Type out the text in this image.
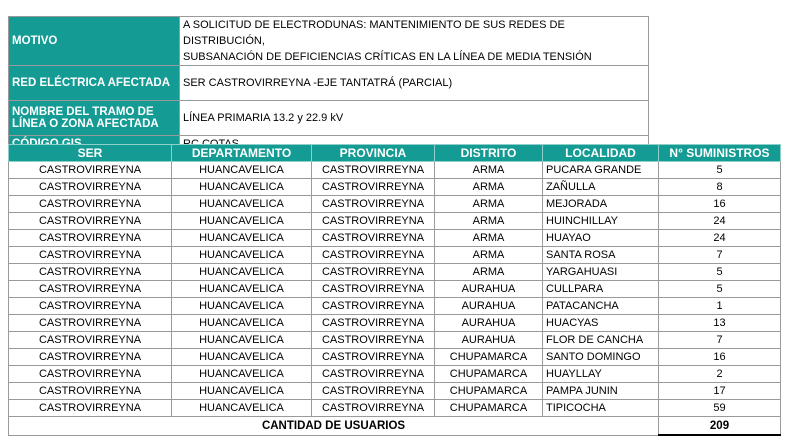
MOTIVO	A SOLICITUD DE ELECTRODUNAS: MANTENIMIENTO DE SUS REDES DE DISTRIBUCIÓN,
SUBSANACIÓN DE DEFICIENCIAS CRÍTICAS EN LA LÍNEA DE MEDIA TENSIÓN

RED ELÉCTRICA AFECTADA	SER CASTROVIRREYNA -EJE TANTATRÁ (PARCIAL)

NOMBRE DEL TRAMO DE
LÍNEA O ZONA AFECTADA	LÍNEA PRIMARIA 13.2 y 22.9 kV

SER	DEPARTAMENTO	PROVINCIA	DISTRITO	LOCALIDAD	N° SUMINISTROS
CASTROVIRREYNA	HUANCAVELICA	CASTROVIRREYNA	ARMA	PUCARA GRANDE	5
CASTROVIRREYNA	HUANCAVELICA	CASTROVIRREYNA	ARMA	ZAÑULLA	8
CASTROVIRREYNA	HUANCAVELICA	CASTROVIRREYNA	ARMA	MEJORADA	16
CASTROVIRREYNA	HUANCAVELICA	CASTROVIRREYNA	ARMA	HUINCHILLAY	24
CASTROVIRREYNA	HUANCAVELICA	CASTROVIRREYNA	ARMA	HUAYAO	24
CASTROVIRREYNA	HUANCAVELICA	CASTROVIRREYNA	ARMA	SANTA ROSA	7
CASTROVIRREYNA	HUANCAVELICA	CASTROVIRREYNA	ARMA	YARGAHUASI	5
CASTROVIRREYNA	HUANCAVELICA	CASTROVIRREYNA	AURAHUA	CULLPARA	5
CASTROVIRREYNA	HUANCAVELICA	CASTROVIRREYNA	AURAHUA	PATACANCHA	1
CASTROVIRREYNA	HUANCAVELICA	CASTROVIRREYNA	AURAHUA	HUACYAS	13
CASTROVIRREYNA	HUANCAVELICA	CASTROVIRREYNA	AURAHUA	FLOR DE CANCHA	7
CASTROVIRREYNA	HUANCAVELICA	CASTROVIRREYNA	CHUPAMARCA	SANTO DOMINGO	16
CASTROVIRREYNA	HUANCAVELICA	CASTROVIRREYNA	CHUPAMARCA	HUAYLLAY	2
CASTROVIRREYNA	HUANCAVELICA	CASTROVIRREYNA	CHUPAMARCA	PAMPA JUNIN	17
CASTROVIRREYNA	HUANCAVELICA	CASTROVIRREYNA	CHUPAMARCA	TIPICOCHA	59
CANTIDAD DE USUARIOS					209
